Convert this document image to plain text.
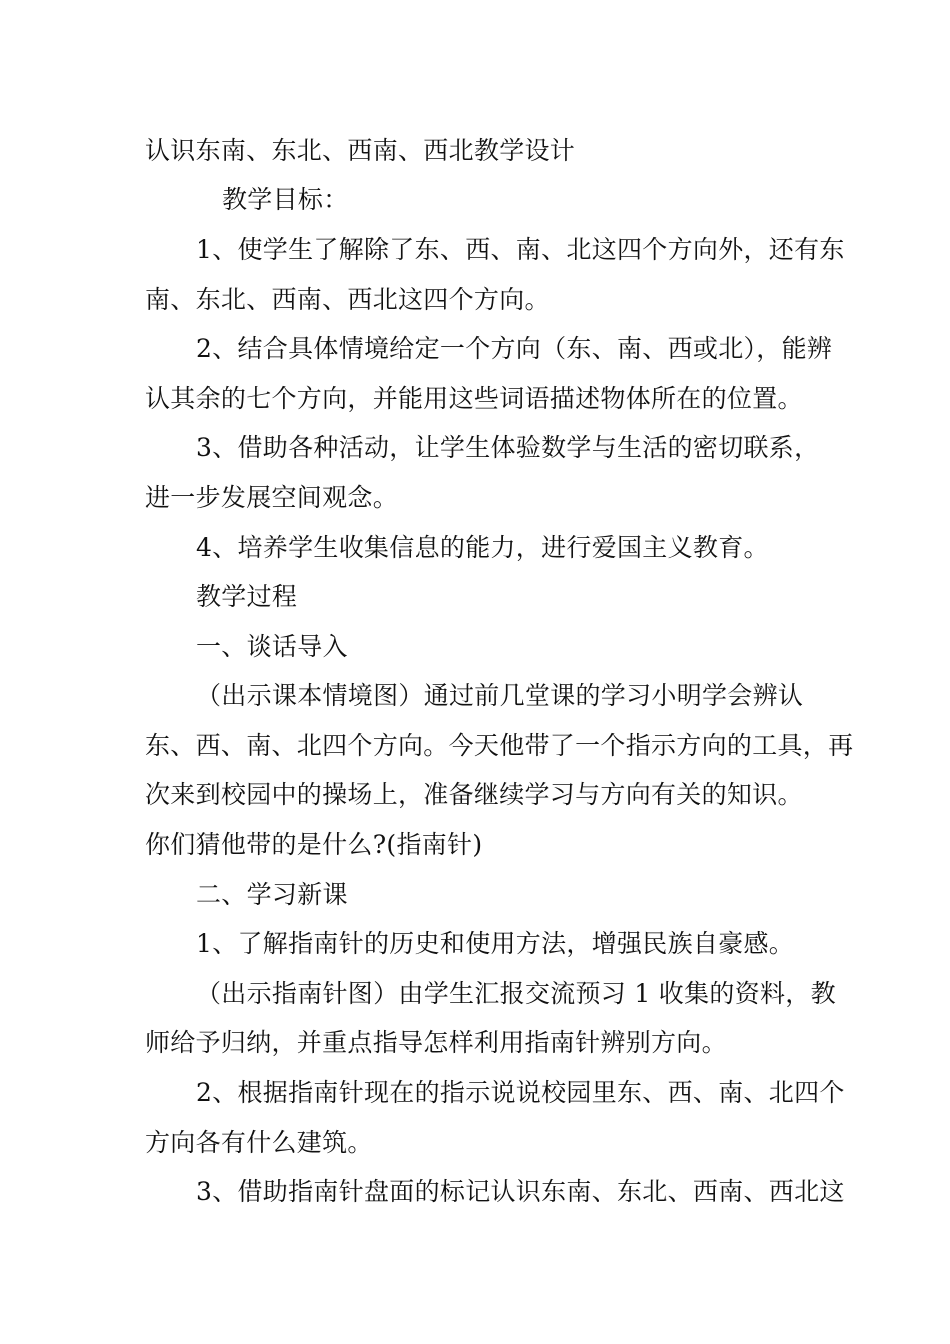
认识东南、东北、西南、西北教学设计
教学目标：
1、使学生了解除了东、西、南、北这四个方向外，还有东
南、东北、西南、西北这四个方向。
2、结合具体情境给定一个方向（东、南、西或北），能辨
认其余的七个方向，并能用这些词语描述物体所在的位置。
3、借助各种活动，让学生体验数学与生活的密切联系，
进一步发展空间观念。
4、培养学生收集信息的能力，进行爱国主义教育。
教学过程
一、谈话导入
（出示课本情境图）通过前几堂课的学习小明学会辨认
东、西、南、北四个方向。今天他带了一个指示方向的工具，再
次来到校园中的操场上，准备继续学习与方向有关的知识。
你们猜他带的是什么?(指南针)
二、学习新课
1、了解指南针的历史和使用方法，增强民族自豪感。
（出示指南针图）由学生汇报交流预习 1 收集的资料，教
师给予归纳，并重点指导怎样利用指南针辨别方向。
2、根据指南针现在的指示说说校园里东、西、南、北四个
方向各有什么建筑。
3、借助指南针盘面的标记认识东南、东北、西南、西北这
